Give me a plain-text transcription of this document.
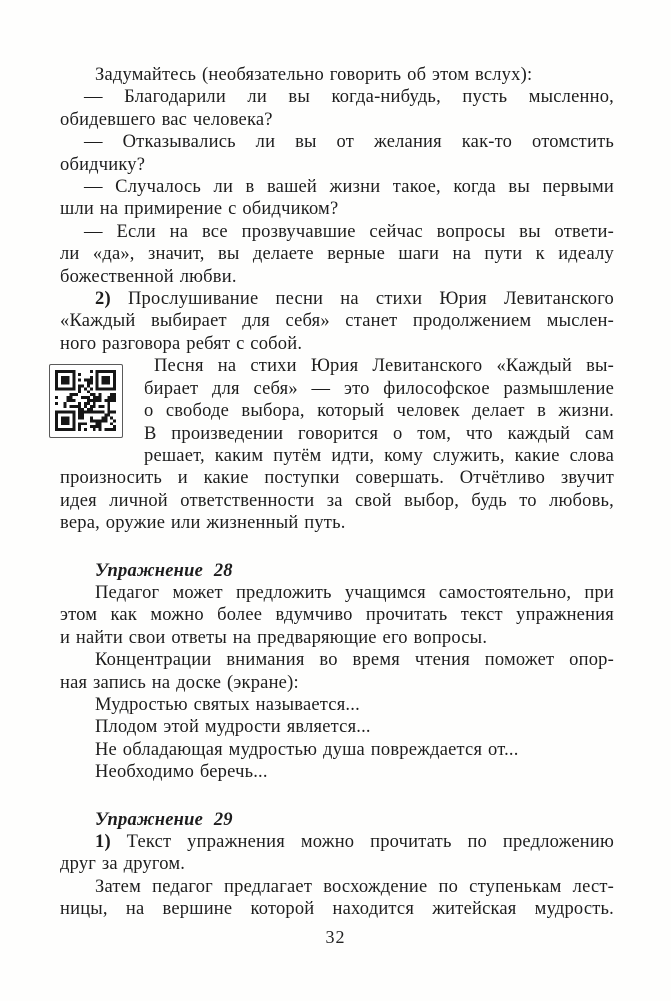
Задумайтесь (необязательно говорить об этом вслух):
— Благодарили ли вы когда-нибудь, пусть мысленно,
обидевшего вас человека?
— Отказывались ли вы от желания как-то отомстить
обидчику?
— Случалось ли в вашей жизни такое, когда вы первыми
шли на примирение с обидчиком?
— Если на все прозвучавшие сейчас вопросы вы ответи-
ли «да», значит, вы делаете верные шаги на пути к идеалу
божественной любви.
2) Прослушивание песни на стихи Юрия Левитанского
«Каждый выбирает для себя» станет продолжением мыслен-
ного разговора ребят с собой.
Песня на стихи Юрия Левитанского «Каждый вы-
бирает для себя» — это философское размышление
о свободе выбора, который человек делает в жизни.
В произведении говорится о том, что каждый сам
решает, каким путём идти, кому служить, какие слова
произносить и какие поступки совершать. Отчётливо звучит
идея личной ответственности за свой выбор, будь то любовь,
вера, оружие или жизненный путь.
Упражнение 28
Педагог может предложить учащимся самостоятельно, при
этом как можно более вдумчиво прочитать текст упражнения
и найти свои ответы на предваряющие его вопросы.
Концентрации внимания во время чтения поможет опор-
ная запись на доске (экране):
Мудростью святых называется...
Плодом этой мудрости является...
Не обладающая мудростью душа повреждается от...
Необходимо беречь...
Упражнение 29
1) Текст упражнения можно прочитать по предложению
друг за другом.
Затем педагог предлагает восхождение по ступенькам лест-
ницы, на вершине которой находится житейская мудрость.
32
